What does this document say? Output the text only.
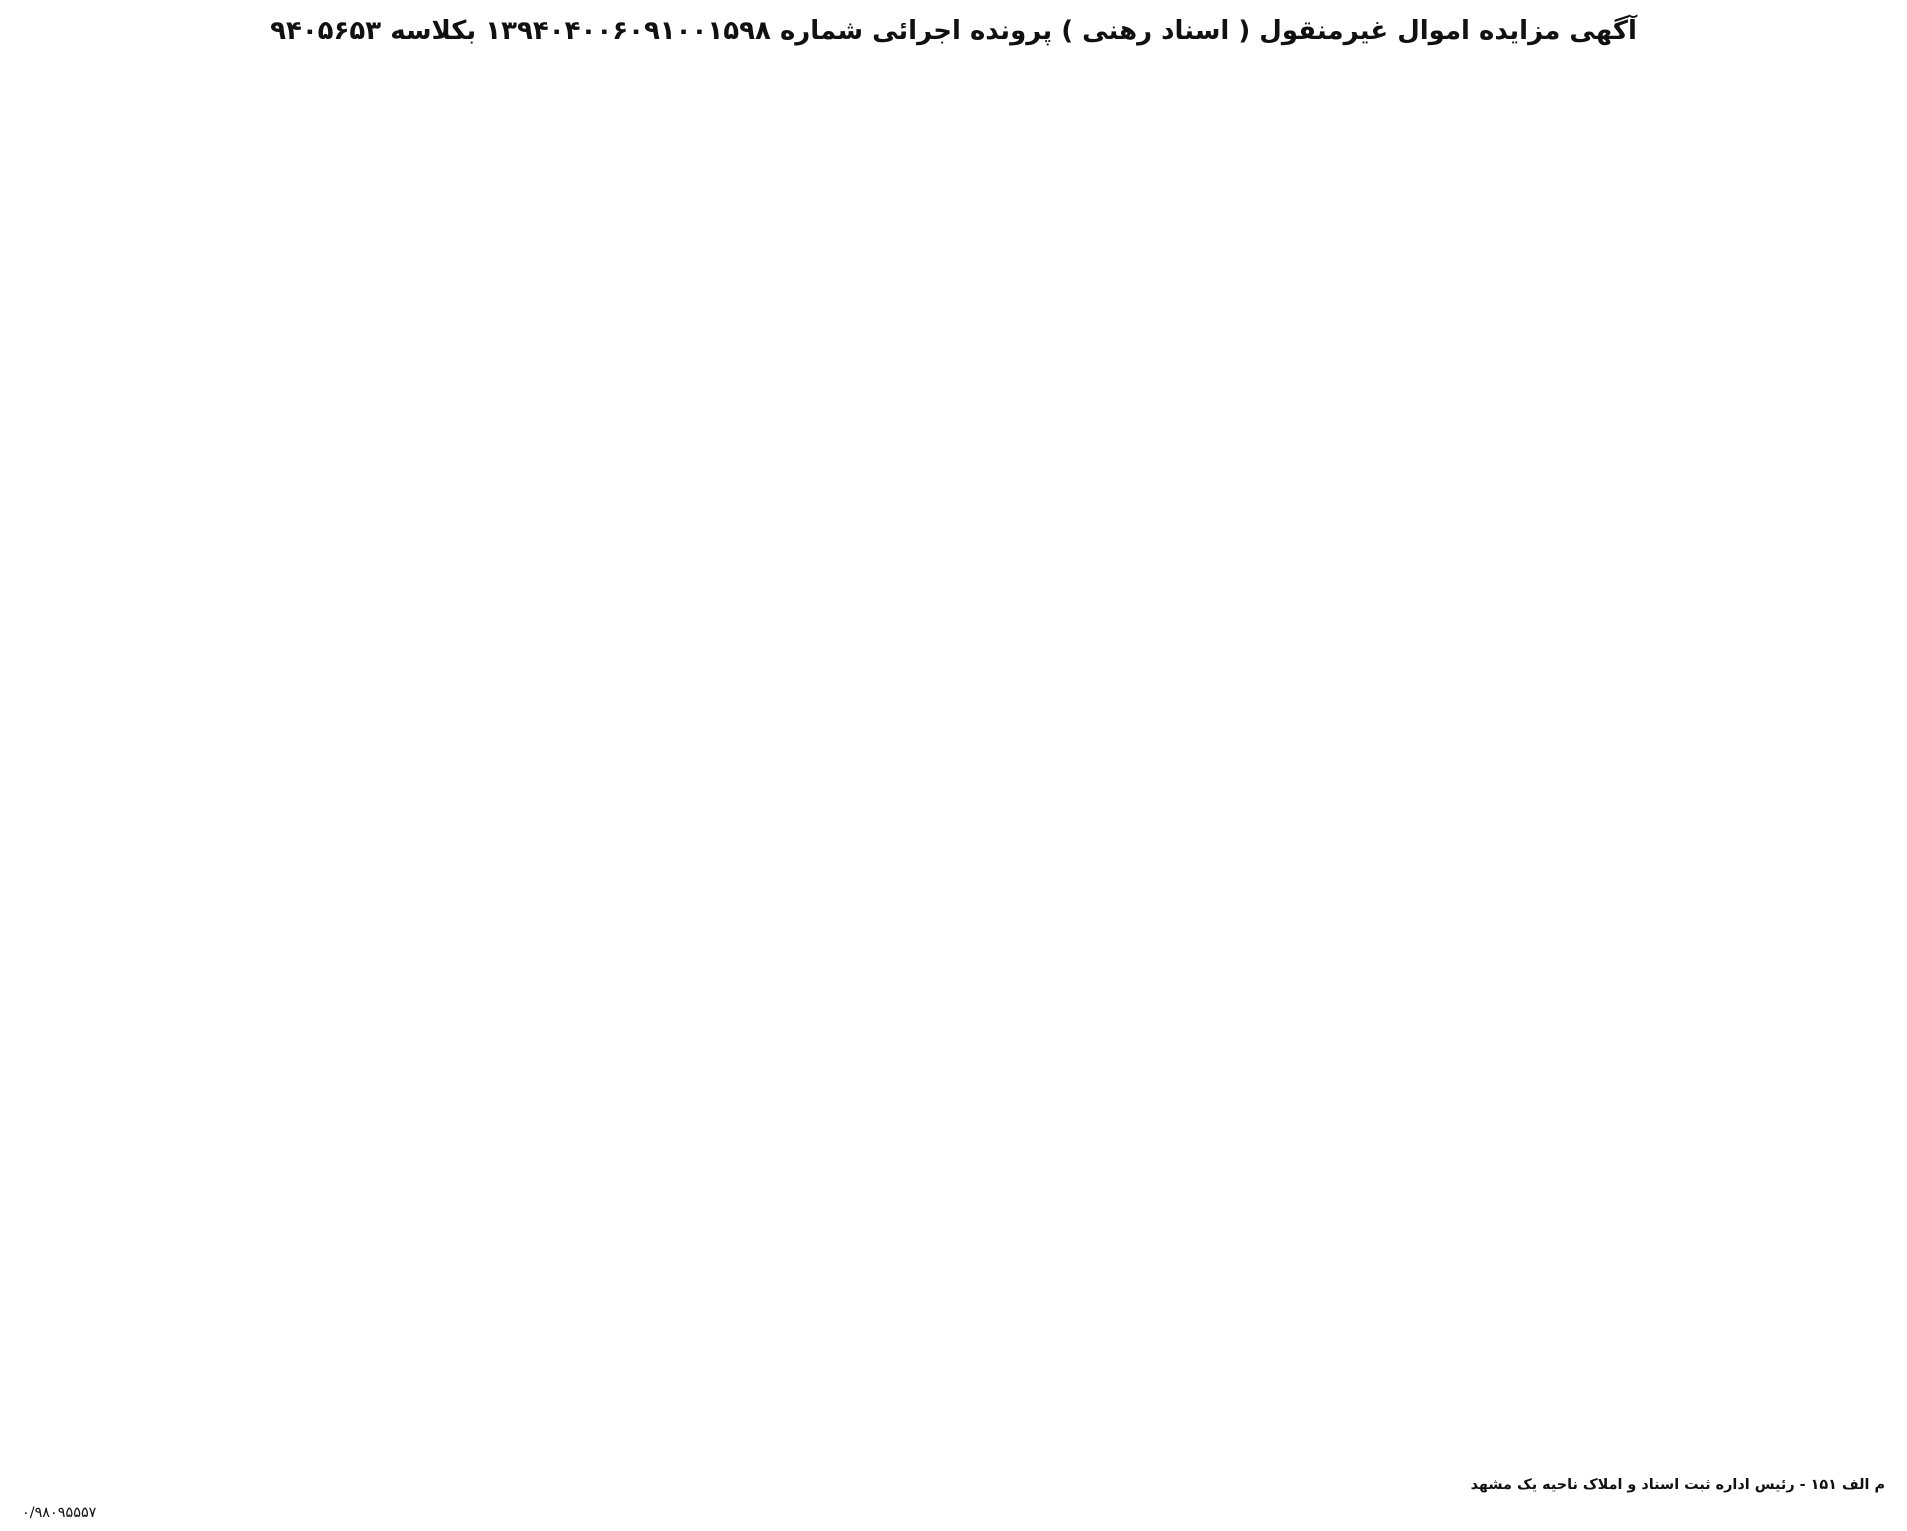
آگهی مزایده اموال غیرمنقول ( اسناد رهنی ) پرونده اجرائی شماره ۱۳۹۴۰۴۰۰۶۰۹۱۰۰۱۵۹۸ بکلاسه ۹۴۰۵۶۵۳
م الف ۱۵۱ - رئیس اداره ثبت اسناد و املاک ناحیه یک مشهد
۰/۹۸۰۹۵۵۵۷
